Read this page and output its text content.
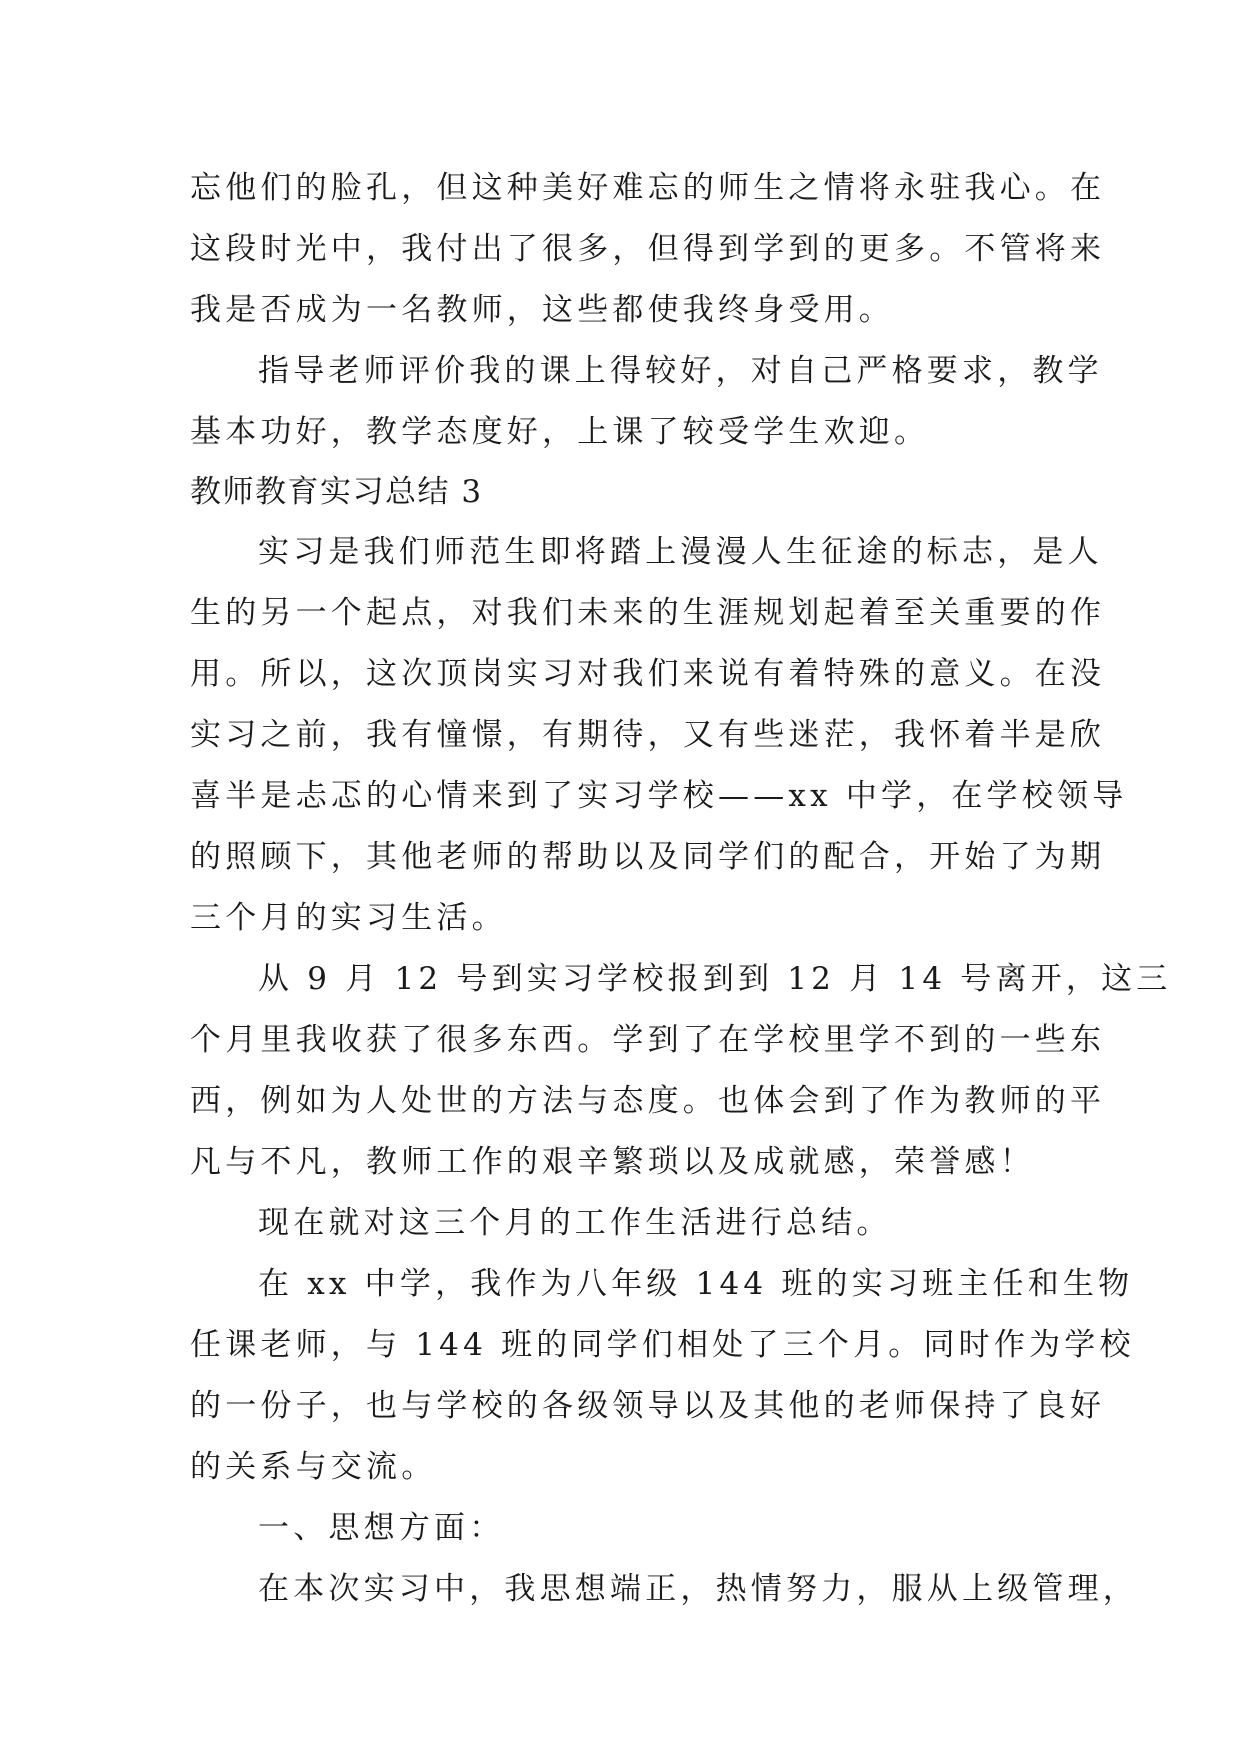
忘他们的脸孔，但这种美好难忘的师生之情将永驻我心。在
这段时光中，我付出了很多，但得到学到的更多。不管将来
我是否成为一名教师，这些都使我终身受用。
指导老师评价我的课上得较好，对自己严格要求，教学
基本功好，教学态度好，上课了较受学生欢迎。
教师教育实习总结 3
实习是我们师范生即将踏上漫漫人生征途的标志，是人
生的另一个起点，对我们未来的生涯规划起着至关重要的作
用。所以，这次顶岗实习对我们来说有着特殊的意义。在没
实习之前，我有憧憬，有期待，又有些迷茫，我怀着半是欣
喜半是忐忑的心情来到了实习学校——xx 中学，在学校领导
的照顾下，其他老师的帮助以及同学们的配合，开始了为期
三个月的实习生活。
从 9 月 12 号到实习学校报到到 12 月 14 号离开，这三
个月里我收获了很多东西。学到了在学校里学不到的一些东
西，例如为人处世的方法与态度。也体会到了作为教师的平
凡与不凡，教师工作的艰辛繁琐以及成就感，荣誉感！
现在就对这三个月的工作生活进行总结。
在 xx 中学，我作为八年级 144 班的实习班主任和生物
任课老师，与 144 班的同学们相处了三个月。同时作为学校
的一份子，也与学校的各级领导以及其他的老师保持了良好
的关系与交流。
一、思想方面：
在本次实习中，我思想端正，热情努力，服从上级管理，
